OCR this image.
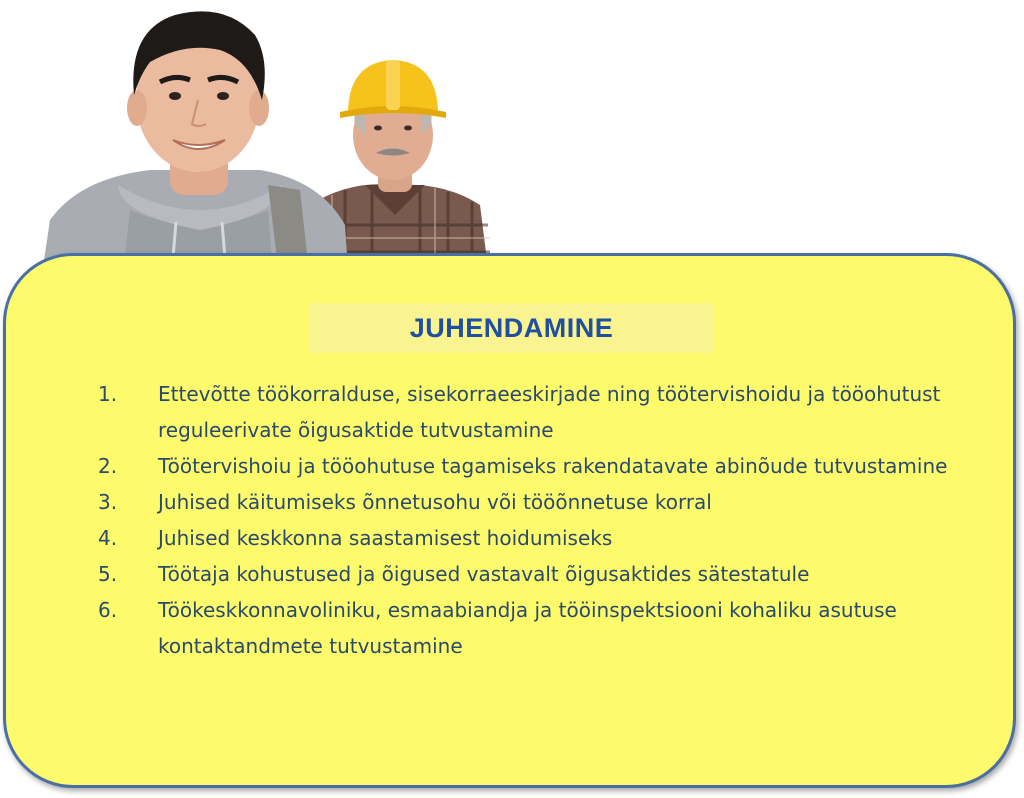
JUHENDAMINE
1.	Ettevõtte töökorralduse, sisekorraeeskirjade ning töötervishoidu ja tööohutust reguleerivate õigusaktide tutvustamine
2.	Töötervishoiu ja tööohutuse tagamiseks rakendatavate abinõude tutvustamine
3.	Juhised käitumiseks õnnetusohu või tööõnnetuse korral
4.	Juhised keskkonna saastamisest hoidumiseks
5.	Töötaja kohustused ja õigused vastavalt õigusaktides sätestatule
6.	Töökeskkonnavoliniku, esmaabiandja ja tööinspektsiooni kohaliku asutuse kontaktandmete tutvustamine
